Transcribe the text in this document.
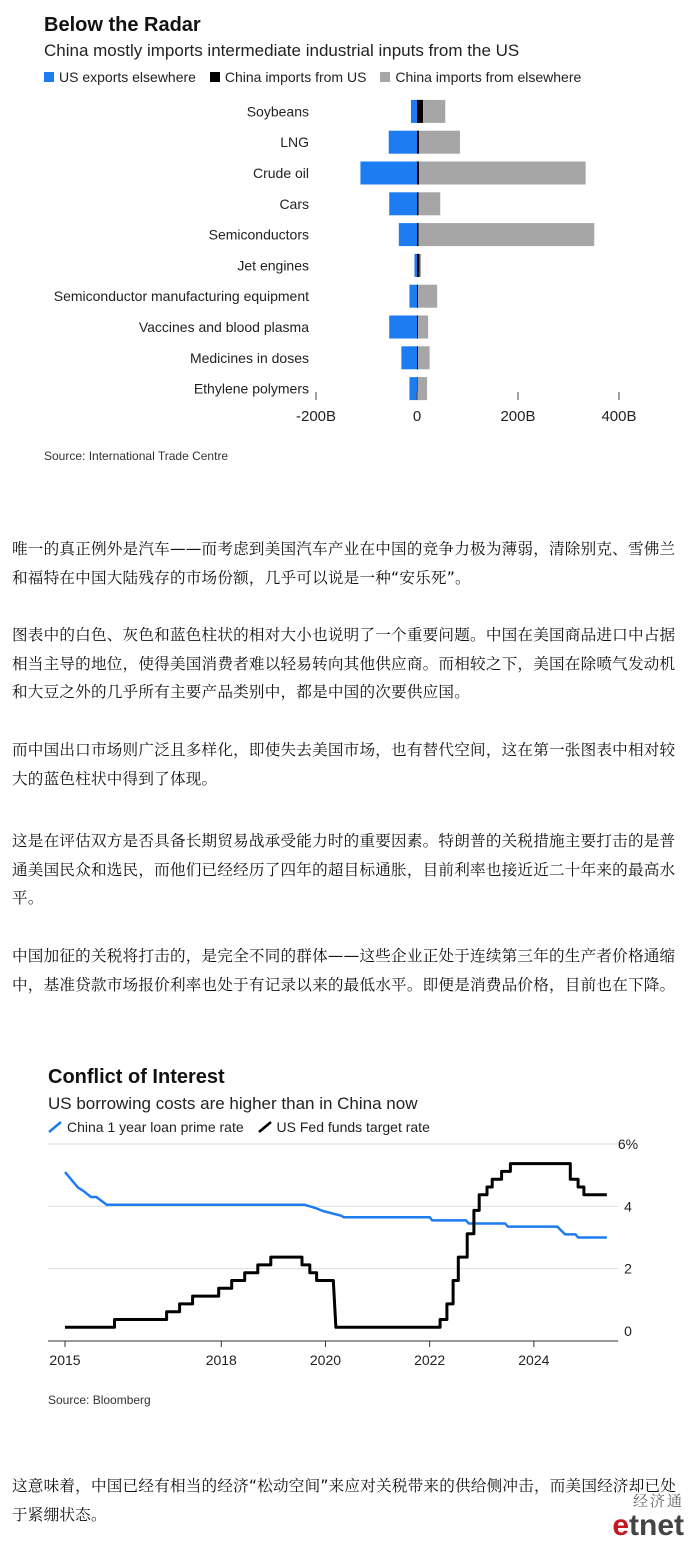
Below the Radar
China mostly imports intermediate industrial inputs from the US
US exports elsewhere China imports from US China imports from elsewhere
Soybeans
LNG
Crude oil
Cars
Semiconductors
Jet engines
Semiconductor manufacturing equipment
Vaccines and blood plasma
Medicines in doses
Ethylene polymers
-200B	0	200B	400B
Source: International Trade Centre
唯一的真正例外是汽车——而考虑到美国汽车产业在中国的竞争力极为薄弱，清除别克、雪佛兰和福特在中国大陆残存的市场份额，几乎可以说是一种“安乐死”。
图表中的白色、灰色和蓝色柱状的相对大小也说明了一个重要问题。中国在美国商品进口中占据相当主导的地位，使得美国消费者难以轻易转向其他供应商。而相较之下，美国在除喷气发动机和大豆之外的几乎所有主要产品类别中，都是中国的次要供应国。
而中国出口市场则广泛且多样化，即使失去美国市场，也有替代空间，这在第一张图表中相对较大的蓝色柱状中得到了体现。
这是在评估双方是否具备长期贸易战承受能力时的重要因素。特朗普的关税措施主要打击的是普通美国民众和选民，而他们已经经历了四年的超目标通胀，目前利率也接近近二十年来的最高水平。
中国加征的关税将打击的，是完全不同的群体——这些企业正处于连续第三年的生产者价格通缩中，基准贷款市场报价利率也处于有记录以来的最低水平。即便是消费品价格，目前也在下降。
Conflict of Interest
US borrowing costs are higher than in China now
China 1 year loan prime rate US Fed funds target rate
6%
4
2
0
2015	2018	2020	2022	2024
Source: Bloomberg
这意味着，中国已经有相当的经济“松动空间”来应对关税带来的供给侧冲击，而美国经济却已处于紧绷状态。
经济通
etnet
